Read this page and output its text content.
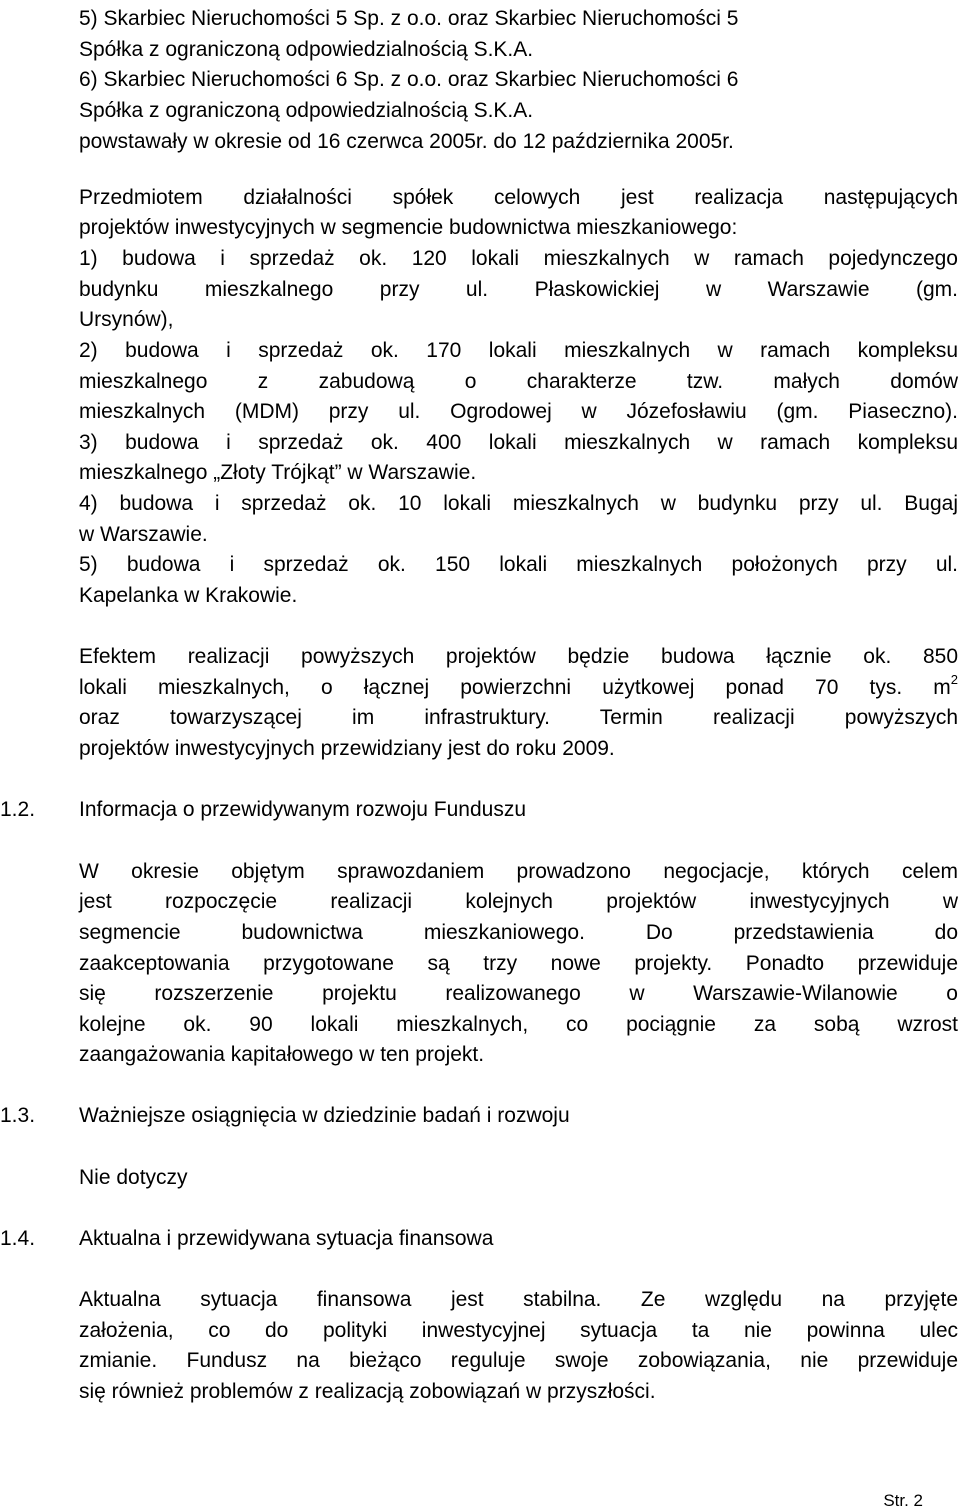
5) Skarbiec Nieruchomości 5 Sp. z o.o. oraz Skarbiec Nieruchomości 5
Spółka z ograniczoną odpowiedzialnością S.K.A.
6) Skarbiec Nieruchomości 6 Sp. z o.o. oraz Skarbiec Nieruchomości 6
Spółka z ograniczoną odpowiedzialnością S.K.A.
powstawały w okresie od 16 czerwca 2005r. do 12 października 2005r.
Przedmiotem działalności spółek celowych jest realizacja następujących
projektów inwestycyjnych w segmencie budownictwa mieszkaniowego:
1) budowa i sprzedaż ok. 120 lokali mieszkalnych w ramach pojedynczego
budynku mieszkalnego przy ul. Płaskowickiej w Warszawie (gm.
Ursynów),
2) budowa i sprzedaż ok. 170 lokali mieszkalnych w ramach kompleksu
mieszkalnego z zabudową o charakterze tzw. małych domów
mieszkalnych (MDM) przy ul. Ogrodowej w Józefosławiu (gm. Piaseczno).
3) budowa i sprzedaż ok. 400 lokali mieszkalnych w ramach kompleksu
mieszkalnego „Złoty Trójkąt” w Warszawie.
4) budowa i sprzedaż ok. 10 lokali mieszkalnych w budynku przy ul. Bugaj
w Warszawie.
5) budowa i sprzedaż ok. 150 lokali mieszkalnych położonych przy ul.
Kapelanka w Krakowie.
Efektem realizacji powyższych projektów będzie budowa łącznie ok. 850
lokali mieszkalnych, o łącznej powierzchni użytkowej ponad 70 tys. $m^2$
oraz towarzyszącej im infrastruktury. Termin realizacji powyższych
projektów inwestycyjnych przewidziany jest do roku 2009.
1.2. Informacja o przewidywanym rozwoju Funduszu
W okresie objętym sprawozdaniem prowadzono negocjacje, których celem
jest rozpoczęcie realizacji kolejnych projektów inwestycyjnych w
segmencie budownictwa mieszkaniowego. Do przedstawienia do
zaakceptowania przygotowane są trzy nowe projekty. Ponadto przewiduje
się rozszerzenie projektu realizowanego w Warszawie-Wilanowie o
kolejne ok. 90 lokali mieszkalnych, co pociągnie za sobą wzrost
zaangażowania kapitałowego w ten projekt.
1.3. Ważniejsze osiągnięcia w dziedzinie badań i rozwoju
Nie dotyczy
1.4. Aktualna i przewidywana sytuacja finansowa
Aktualna sytuacja finansowa jest stabilna. Ze względu na przyjęte
założenia, co do polityki inwestycyjnej sytuacja ta nie powinna ulec
zmianie. Fundusz na bieżąco reguluje swoje zobowiązania, nie przewiduje
się również problemów z realizacją zobowiązań w przyszłości.
Str. 2
